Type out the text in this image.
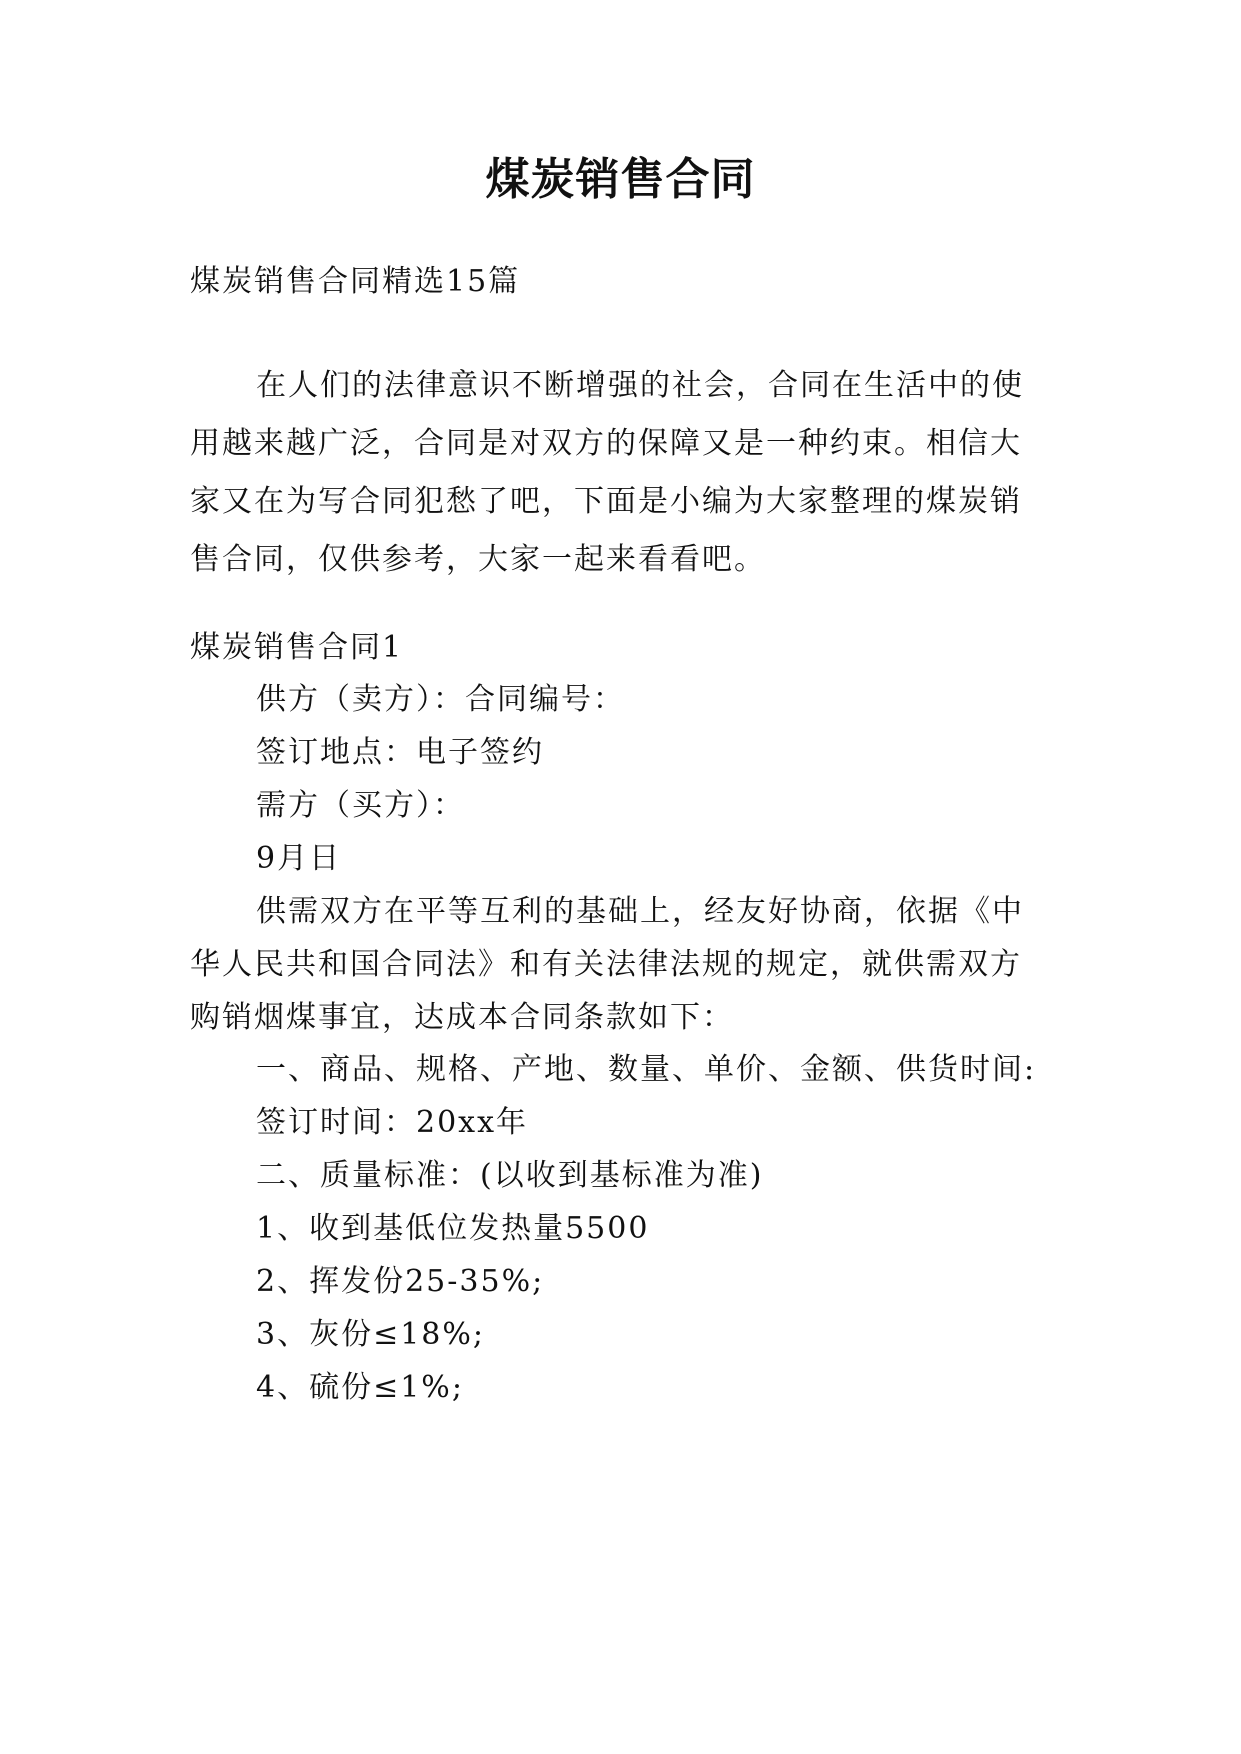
煤炭销售合同
煤炭销售合同精选15篇
在人们的法律意识不断增强的社会，合同在生活中的使
用越来越广泛，合同是对双方的保障又是一种约束。相信大
家又在为写合同犯愁了吧，下面是小编为大家整理的煤炭销
售合同，仅供参考，大家一起来看看吧。
煤炭销售合同1
供方（卖方）：合同编号：
签订地点：电子签约
需方（买方）：
9月日
供需双方在平等互利的基础上，经友好协商，依据《中
华人民共和国合同法》和有关法律法规的规定，就供需双方
购销烟煤事宜，达成本合同条款如下：
一、商品、规格、产地、数量、单价、金额、供货时间:
签订时间：20xx年
二、质量标准：(以收到基标准为准)
1、收到基低位发热量5500
2、挥发份25-35%;
3、灰份≤18%;
4、硫份≤1%;
